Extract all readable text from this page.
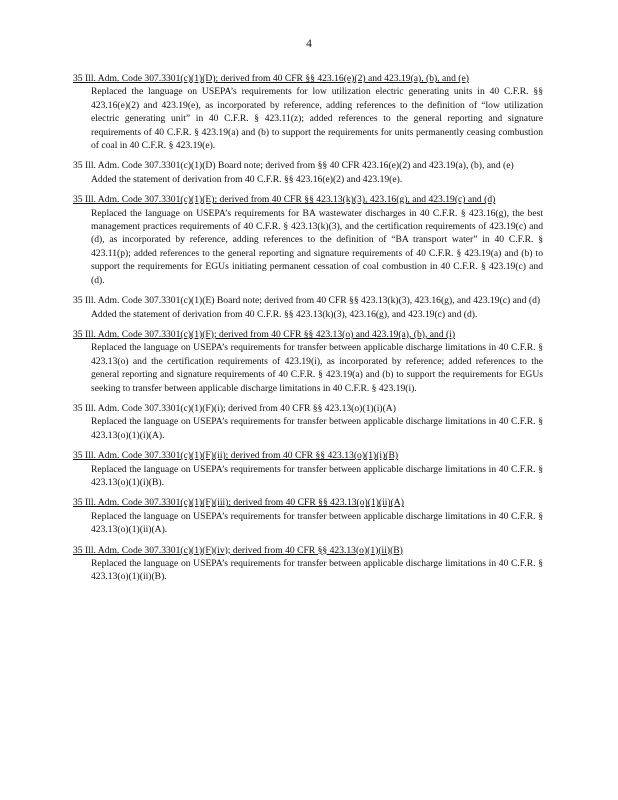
4
35 Ill. Adm. Code 307.3301(c)(1)(D); derived from 40 CFR §§ 423.16(e)(2) and 423.19(a), (b), and (e)
Replaced the language on USEPA’s requirements for low utilization electric generating units in 40 C.F.R. §§ 423.16(e)(2) and 423.19(e), as incorporated by reference, adding references to the definition of “low utilization electric generating unit” in 40 C.F.R. § 423.11(z); added references to the general reporting and signature requirements of 40 C.F.R. § 423.19(a) and (b) to support the requirements for units permanently ceasing combustion of coal in 40 C.F.R. § 423.19(e).
35 Ill. Adm. Code 307.3301(c)(1)(D) Board note; derived from §§ 40 CFR 423.16(e)(2) and 423.19(a), (b), and (e)
Added the statement of derivation from 40 C.F.R. §§ 423.16(e)(2) and 423.19(e).
35 Ill. Adm. Code 307.3301(c)(1)(E); derived from 40 CFR §§ 423.13(k)(3), 423.16(g), and 423.19(c) and (d)
Replaced the language on USEPA’s requirements for BA wastewater discharges in 40 C.F.R. § 423.16(g), the best management practices requirements of 40 C.F.R. § 423.13(k)(3), and the certification requirements of 423.19(c) and (d), as incorporated by reference, adding references to the definition of “BA transport water” in 40 C.F.R. § 423.11(p); added references to the general reporting and signature requirements of 40 C.F.R. § 423.19(a) and (b) to support the requirements for EGUs initiating permanent cessation of coal combustion in 40 C.F.R. § 423.19(c) and (d).
35 Ill. Adm. Code 307.3301(c)(1)(E) Board note; derived from 40 CFR §§ 423.13(k)(3), 423.16(g), and 423.19(c) and (d)
Added the statement of derivation from 40 C.F.R. §§ 423.13(k)(3), 423.16(g), and 423.19(c) and (d).
35 Ill. Adm. Code 307.3301(c)(1)(F); derived from 40 CFR §§ 423.13(o) and 423.19(a), (b), and (i)
Replaced the language on USEPA’s requirements for transfer between applicable discharge limitations in 40 C.F.R. § 423.13(o) and the certification requirements of 423.19(i), as incorporated by reference; added references to the general reporting and signature requirements of 40 C.F.R. § 423.19(a) and (b) to support the requirements for EGUs seeking to transfer between applicable discharge limitations in 40 C.F.R. § 423.19(i).
35 Ill. Adm. Code 307.3301(c)(1)(F)(i); derived from 40 CFR §§ 423.13(o)(1)(i)(A)
Replaced the language on USEPA’s requirements for transfer between applicable discharge limitations in 40 C.F.R. § 423.13(o)(1)(i)(A).
35 Ill. Adm. Code 307.3301(c)(1)(F)(ii); derived from 40 CFR §§ 423.13(o)(1)(i)(B)
Replaced the language on USEPA’s requirements for transfer between applicable discharge limitations in 40 C.F.R. § 423.13(o)(1)(i)(B).
35 Ill. Adm. Code 307.3301(c)(1)(F)(iii); derived from 40 CFR §§ 423.13(o)(1)(ii)(A)
Replaced the language on USEPA’s requirements for transfer between applicable discharge limitations in 40 C.F.R. § 423.13(o)(1)(ii)(A).
35 Ill. Adm. Code 307.3301(c)(1)(F)(iv); derived from 40 CFR §§ 423.13(o)(1)(ii)(B)
Replaced the language on USEPA’s requirements for transfer between applicable discharge limitations in 40 C.F.R. § 423.13(o)(1)(ii)(B).
